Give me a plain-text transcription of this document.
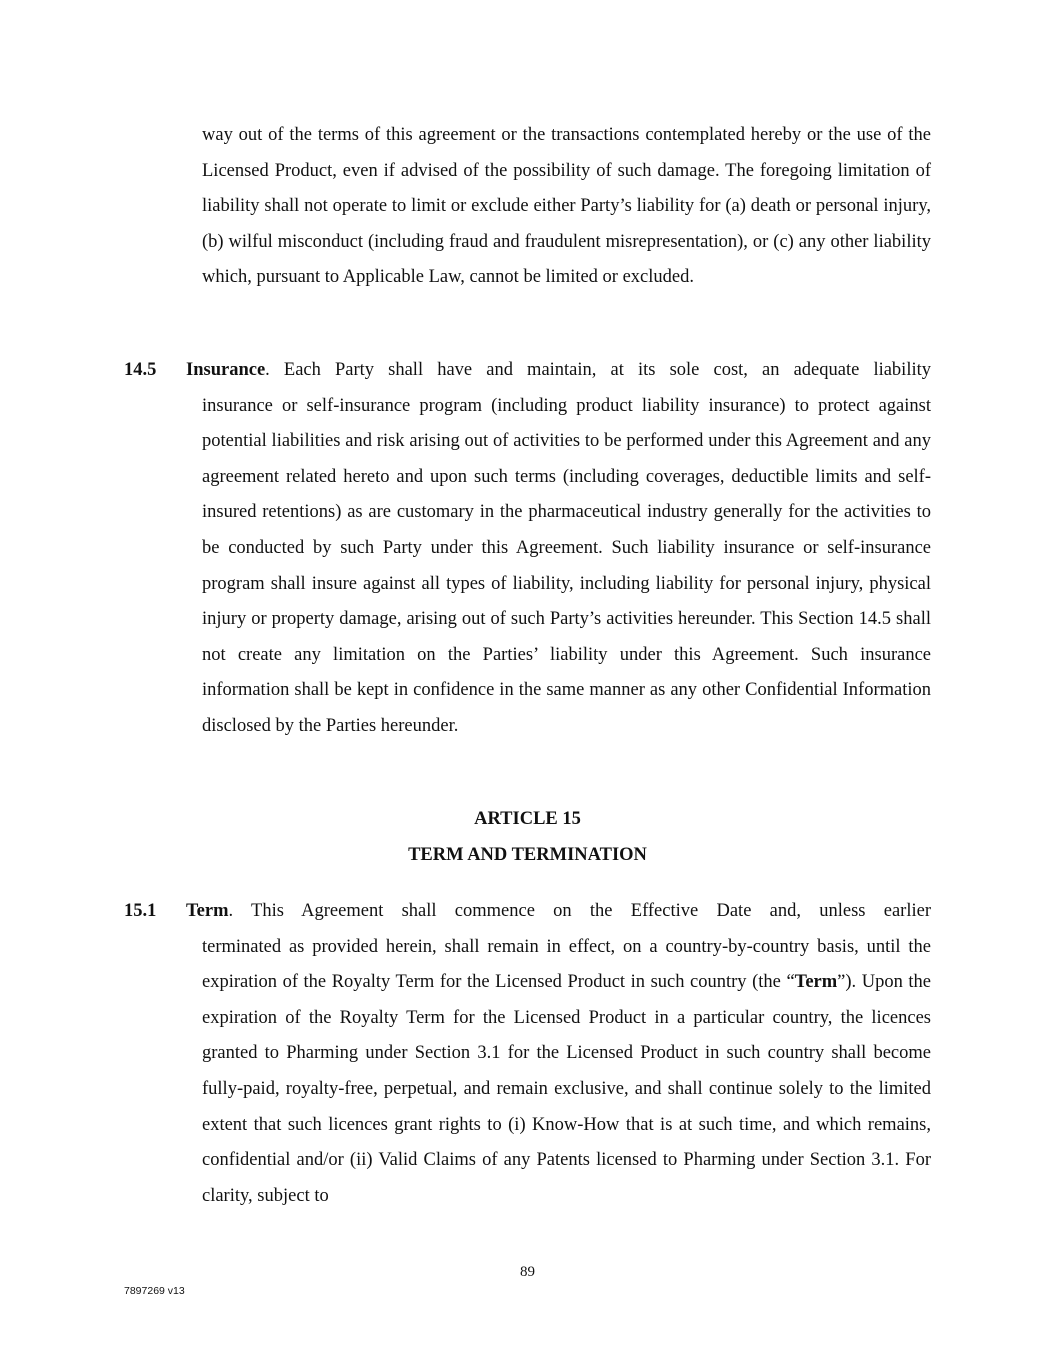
way out of the terms of this agreement or the transactions contemplated hereby or the use of the Licensed Product, even if advised of the possibility of such damage. The foregoing limitation of liability shall not operate to limit or exclude either Party’s liability for (a) death or personal injury, (b) wilful misconduct (including fraud and fraudulent misrepresentation), or (c) any other liability which, pursuant to Applicable Law, cannot be limited or excluded.
14.5 Insurance. Each Party shall have and maintain, at its sole cost, an adequate liability
insurance or self-insurance program (including product liability insurance) to protect against potential liabilities and risk arising out of activities to be performed under this Agreement and any agreement related hereto and upon such terms (including coverages, deductible limits and self-insured retentions) as are customary in the pharmaceutical industry generally for the activities to be conducted by such Party under this Agreement. Such liability insurance or self-insurance program shall insure against all types of liability, including liability for personal injury, physical injury or property damage, arising out of such Party’s activities hereunder. This Section 14.5 shall not create any limitation on the Parties’ liability under this Agreement. Such insurance information shall be kept in confidence in the same manner as any other Confidential Information disclosed by the Parties hereunder.
ARTICLE 15
TERM AND TERMINATION
15.1 Term. This Agreement shall commence on the Effective Date and, unless earlier
terminated as provided herein, shall remain in effect, on a country-by-country basis, until the expiration of the Royalty Term for the Licensed Product in such country (the “Term”). Upon the expiration of the Royalty Term for the Licensed Product in a particular country, the licences granted to Pharming under Section 3.1 for the Licensed Product in such country shall become fully-paid, royalty-free, perpetual, and remain exclusive, and shall continue solely to the limited extent that such licences grant rights to (i) Know-How that is at such time, and which remains, confidential and/or (ii) Valid Claims of any Patents licensed to Pharming under Section 3.1. For clarity, subject to
89
7897269 v13
